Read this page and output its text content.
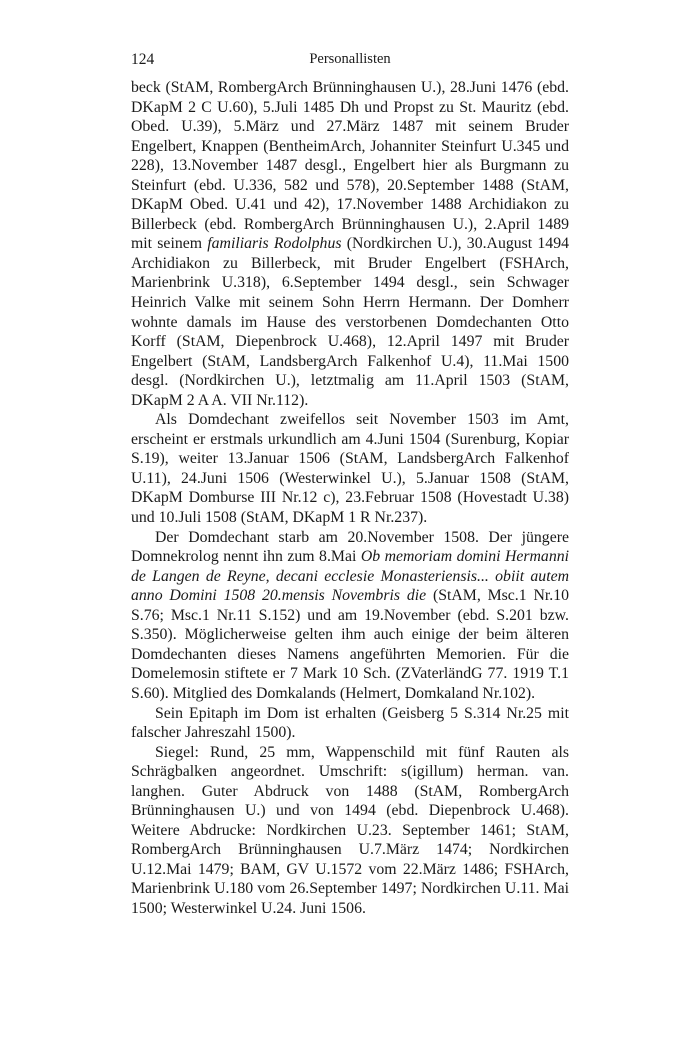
124	Personallisten

beck (StAM, RombergArch Brünninghausen U.), 28.Juni 1476 (ebd. DKapM 2 C U.60), 5.Juli 1485 Dh und Propst zu St. Mauritz (ebd. Obed. U.39), 5.März und 27.März 1487 mit seinem Bruder Engelbert, Knappen (BentheimArch, Johanniter Steinfurt U.345 und 228), 13.November 1487 desgl., Engelbert hier als Burgmann zu Steinfurt (ebd. U.336, 582 und 578), 20.September 1488 (StAM, DKapM Obed. U.41 und 42), 17.November 1488 Archidiakon zu Billerbeck (ebd. RombergArch Brünninghausen U.), 2.April 1489 mit seinem familiaris Rodolphus (Nordkirchen U.), 30.August 1494 Archidiakon zu Billerbeck, mit Bruder Engelbert (FSHArch, Marienbrink U.318), 6.September 1494 desgl., sein Schwager Heinrich Valke mit seinem Sohn Herrn Hermann. Der Domherr wohnte damals im Hause des verstorbenen Domdechanten Otto Korff (StAM, Diepenbrock U.468), 12.April 1497 mit Bruder Engelbert (StAM, LandsbergArch Falkenhof U.4), 11.Mai 1500 desgl. (Nordkirchen U.), letztmalig am 11.April 1503 (StAM, DKapM 2 A A. VII Nr.112).

Als Domdechant zweifellos seit November 1503 im Amt, erscheint er erstmals urkundlich am 4.Juni 1504 (Surenburg, Kopiar S.19), weiter 13.Januar 1506 (StAM, LandsbergArch Falkenhof U.11), 24.Juni 1506 (Westerwinkel U.), 5.Januar 1508 (StAM, DKapM Domburse III Nr.12 c), 23.Februar 1508 (Hovestadt U.38) und 10.Juli 1508 (StAM, DKapM 1 R Nr.237).

Der Domdechant starb am 20.November 1508. Der jüngere Domnekrolog nennt ihn zum 8.Mai Ob memoriam domini Hermanni de Langen de Reyne, decani ecclesie Monasteriensis... obiit autem anno Domini 1508 20.mensis Novembris die (StAM, Msc.1 Nr.10 S.76; Msc.1 Nr.11 S.152) und am 19.November (ebd. S.201 bzw. S.350). Möglicherweise gelten ihm auch einige der beim älteren Domdechanten dieses Namens angeführten Memorien. Für die Domelemosin stiftete er 7 Mark 10 Sch. (ZVaterländG 77. 1919 T.1 S.60). Mitglied des Domkalands (Helmert, Domkaland Nr.102).

Sein Epitaph im Dom ist erhalten (Geisberg 5 S.314 Nr.25 mit falscher Jahreszahl 1500).

Siegel: Rund, 25 mm, Wappenschild mit fünf Rauten als Schrägbalken angeordnet. Umschrift: s(igillum) herman. van. langhen. Guter Abdruck von 1488 (StAM, RombergArch Brünninghausen U.) und von 1494 (ebd. Diepenbrock U.468). Weitere Abdrucke: Nordkirchen U.23. September 1461; StAM, RombergArch Brünninghausen U.7.März 1474; Nordkirchen U.12.Mai 1479; BAM, GV U.1572 vom 22.März 1486; FSHArch, Marienbrink U.180 vom 26.September 1497; Nordkirchen U.11. Mai 1500; Westerwinkel U.24. Juni 1506.
